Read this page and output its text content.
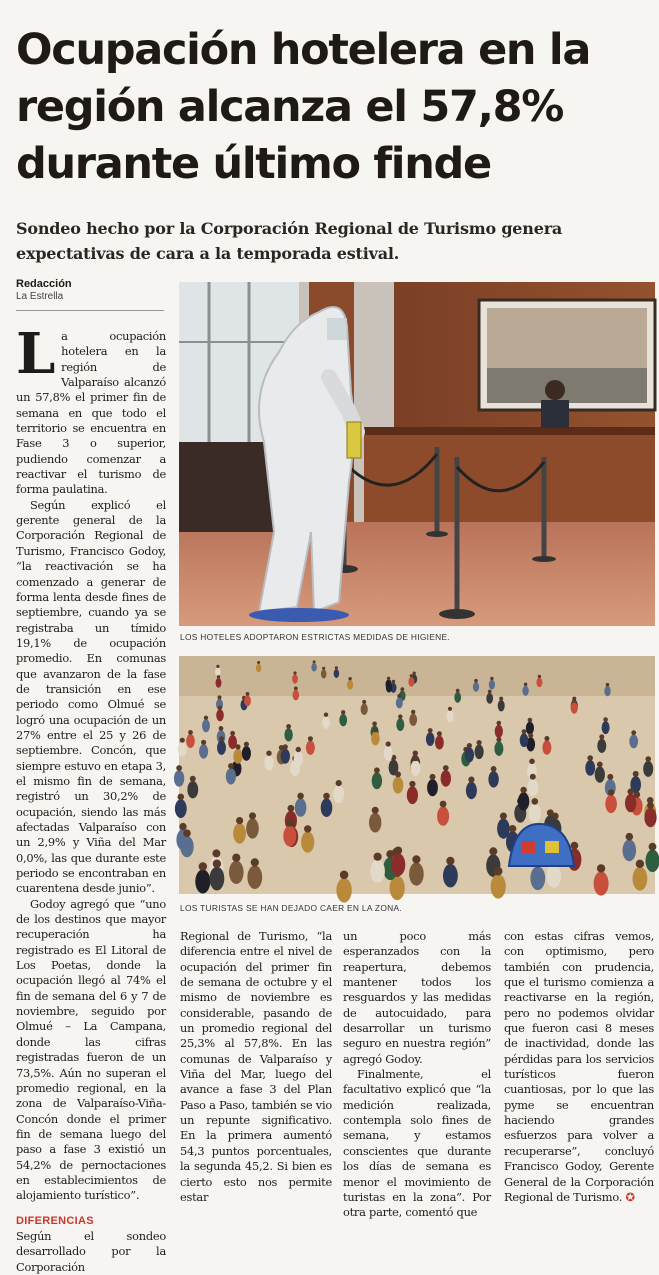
Ocupación hotelera en la región alcanza el 57,8% durante último finde

Sondeo hecho por la Corporación Regional de Turismo genera expectativas de cara a la temporada estival.

Redacción
La Estrella

La ocupación hotelera en la región de Valparaíso alcanzó un 57,8% el primer fin de semana en que todo el territorio se encuentra en Fase 3 o superior, pudiendo comenzar a reactivar el turismo de forma paulatina.

Según explicó el gerente general de la Corporación Regional de Turismo, Francisco Godoy, “la reactivación se ha comenzado a generar de forma lenta desde fines de septiembre, cuando ya se registraba un tímido 19,1% de ocupación promedio. En comunas que avanzaron de la fase de transición en ese periodo como Olmué se logró una ocupación de un 27% entre el 25 y 26 de septiembre. Concón, que siempre estuvo en etapa 3, el mismo fin de semana, registró un 30,2% de ocupación, siendo las más afectadas Valparaíso con un 2,9% y Viña del Mar 0,0%, las que durante este periodo se encontraban en cuarentena desde junio”.

Godoy agregó que “uno de los destinos que mayor recuperación ha registrado es El Litoral de Los Poetas, donde la ocupación llegó al 74% el fin de semana del 6 y 7 de noviembre, seguido por Olmué – La Campana, donde las cifras registradas fueron de un 73,5%. Aún no superan el promedio regional, en la zona de Valparaíso-Viña-Concón donde el primer fin de semana luego del paso a fase 3 existió un 54,2% de pernoctaciones en establecimientos de alojamiento turístico”.

DIFERENCIAS

Según el sondeo desarrollado por la Corporación

LOS HOTELES ADOPTARON ESTRICTAS MEDIDAS DE HIGIENE.
LOS TURISTAS SE HAN DEJADO CAER EN LA ZONA.

Regional de Turismo, “la diferencia entre el nivel de ocupación del primer fin de semana de octubre y el mismo de noviembre es considerable, pasando de un promedio regional del 25,3% al 57,8%. En las comunas de Valparaíso y Viña del Mar, luego del avance a fase 3 del Plan Paso a Paso, también se vio un repunte significativo. En la primera aumentó 54,3 puntos porcentuales, la segunda 45,2. Si bien es cierto esto nos permite estar

un poco más esperanzados con la reapertura, debemos mantener todos los resguardos y las medidas de autocuidado, para desarrollar un turismo seguro en nuestra región” agregó Godoy.

Finalmente, el facultativo explicó que “la medición realizada, contempla solo fines de semana, y estamos conscientes que durante los días de semana es menor el movimiento de turistas en la zona”. Por otra parte, comentó que

con estas cifras vemos, con optimismo, pero también con prudencia, que el turismo comienza a reactivarse en la región, pero no podemos olvidar que fueron casi 8 meses de inactividad, donde las pérdidas para los servicios turísticos fueron cuantiosas, por lo que las pyme se encuentran haciendo grandes esfuerzos para volver a recuperarse”, concluyó Francisco Godoy, Gerente General de la Corporación Regional de Turismo. ✪
